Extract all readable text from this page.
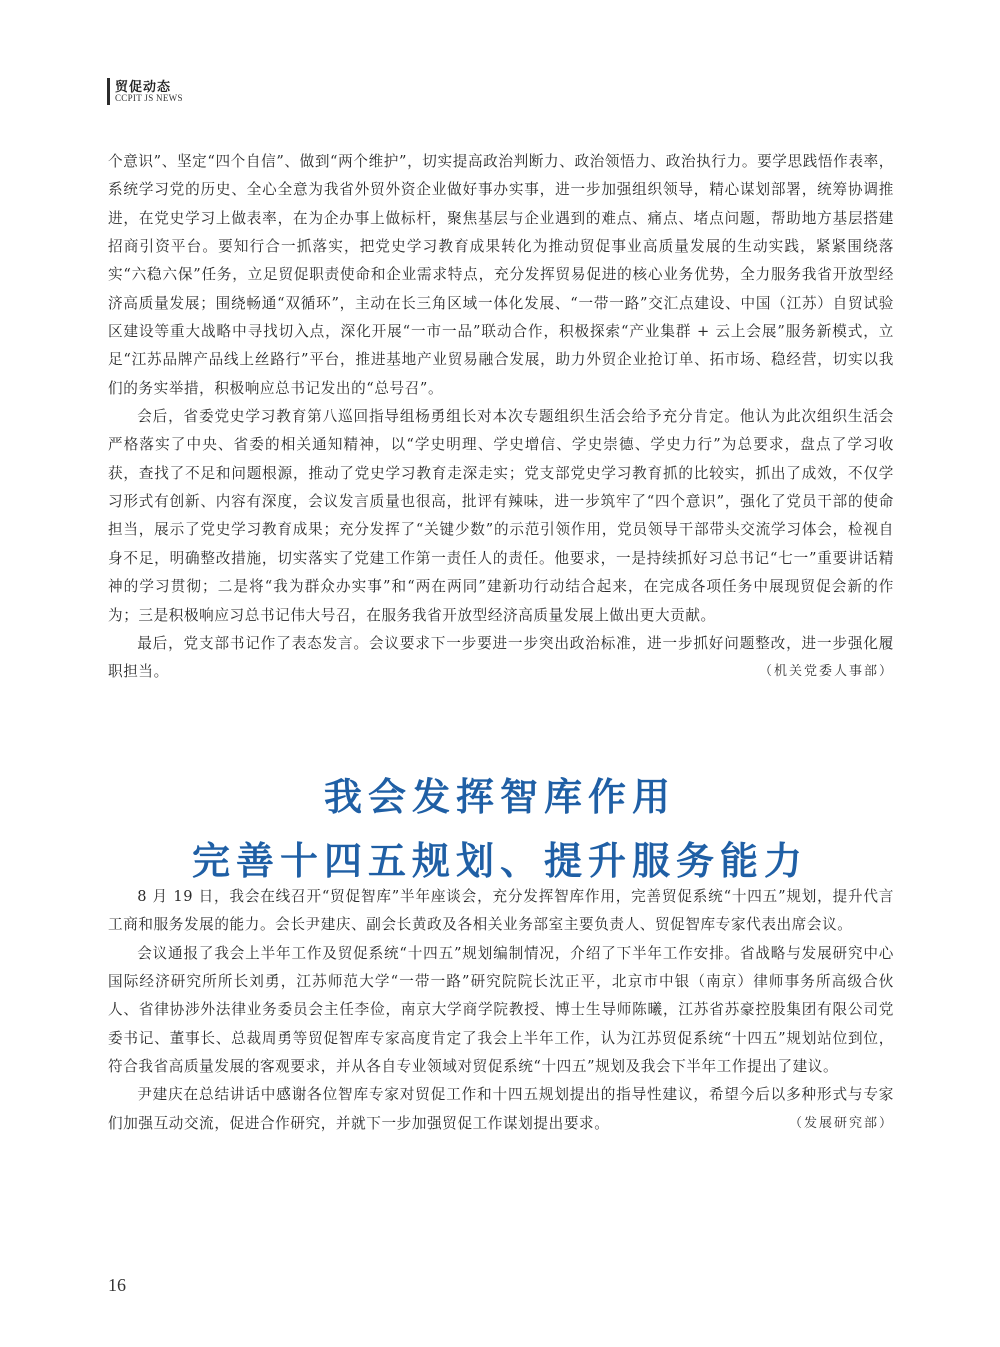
贸促动态
CCPIT JS NEWS

个意识”、坚定“四个自信”、做到“两个维护”，切实提高政治判断力、政治领悟力、政治执行力。要学思践悟作表率，系统学习党的历史、全心全意为我省外贸外资企业做好事办实事，进一步加强组织领导，精心谋划部署，统筹协调推进，在党史学习上做表率，在为企办事上做标杆，聚焦基层与企业遇到的难点、痛点、堵点问题，帮助地方基层搭建招商引资平台。要知行合一抓落实，把党史学习教育成果转化为推动贸促事业高质量发展的生动实践，紧紧围绕落实“六稳六保”任务，立足贸促职责使命和企业需求特点，充分发挥贸易促进的核心业务优势，全力服务我省开放型经济高质量发展；围绕畅通“双循环”，主动在长三角区域一体化发展、“一带一路”交汇点建设、中国（江苏）自贸试验区建设等重大战略中寻找切入点，深化开展“一市一品”联动合作，积极探索“产业集群 + 云上会展”服务新模式，立足“江苏品牌产品线上丝路行”平台，推进基地产业贸易融合发展，助力外贸企业抢订单、拓市场、稳经营，切实以我们的务实举措，积极响应总书记发出的“总号召”。

会后，省委党史学习教育第八巡回指导组杨勇组长对本次专题组织生活会给予充分肯定。他认为此次组织生活会严格落实了中央、省委的相关通知精神，以“学史明理、学史增信、学史崇德、学史力行”为总要求，盘点了学习收获，查找了不足和问题根源，推动了党史学习教育走深走实；党支部党史学习教育抓的比较实，抓出了成效，不仅学习形式有创新、内容有深度，会议发言质量也很高，批评有辣味，进一步筑牢了“四个意识”，强化了党员干部的使命担当，展示了党史学习教育成果；充分发挥了“关键少数”的示范引领作用，党员领导干部带头交流学习体会，检视自身不足，明确整改措施，切实落实了党建工作第一责任人的责任。他要求，一是持续抓好习总书记“七一”重要讲话精神的学习贯彻；二是将“我为群众办实事”和“两在两同”建新功行动结合起来，在完成各项任务中展现贸促会新的作为；三是积极响应习总书记伟大号召，在服务我省开放型经济高质量发展上做出更大贡献。

最后，党支部书记作了表态发言。会议要求下一步要进一步突出政治标准，进一步抓好问题整改，进一步强化履职担当。	（机关党委人事部）

我会发挥智库作用
完善十四五规划、提升服务能力

8 月 19 日，我会在线召开“贸促智库”半年座谈会，充分发挥智库作用，完善贸促系统“十四五”规划，提升代言工商和服务发展的能力。会长尹建庆、副会长黄政及各相关业务部室主要负责人、贸促智库专家代表出席会议。

会议通报了我会上半年工作及贸促系统“十四五”规划编制情况，介绍了下半年工作安排。省战略与发展研究中心国际经济研究所所长刘勇，江苏师范大学“一带一路”研究院院长沈正平，北京市中银（南京）律师事务所高级合伙人、省律协涉外法律业务委员会主任李俭，南京大学商学院教授、博士生导师陈曦，江苏省苏豪控股集团有限公司党委书记、董事长、总裁周勇等贸促智库专家高度肯定了我会上半年工作，认为江苏贸促系统“十四五”规划站位到位，符合我省高质量发展的客观要求，并从各自专业领域对贸促系统“十四五”规划及我会下半年工作提出了建议。

尹建庆在总结讲话中感谢各位智库专家对贸促工作和十四五规划提出的指导性建议，希望今后以多种形式与专家们加强互动交流，促进合作研究，并就下一步加强贸促工作谋划提出要求。	（发展研究部）

16
